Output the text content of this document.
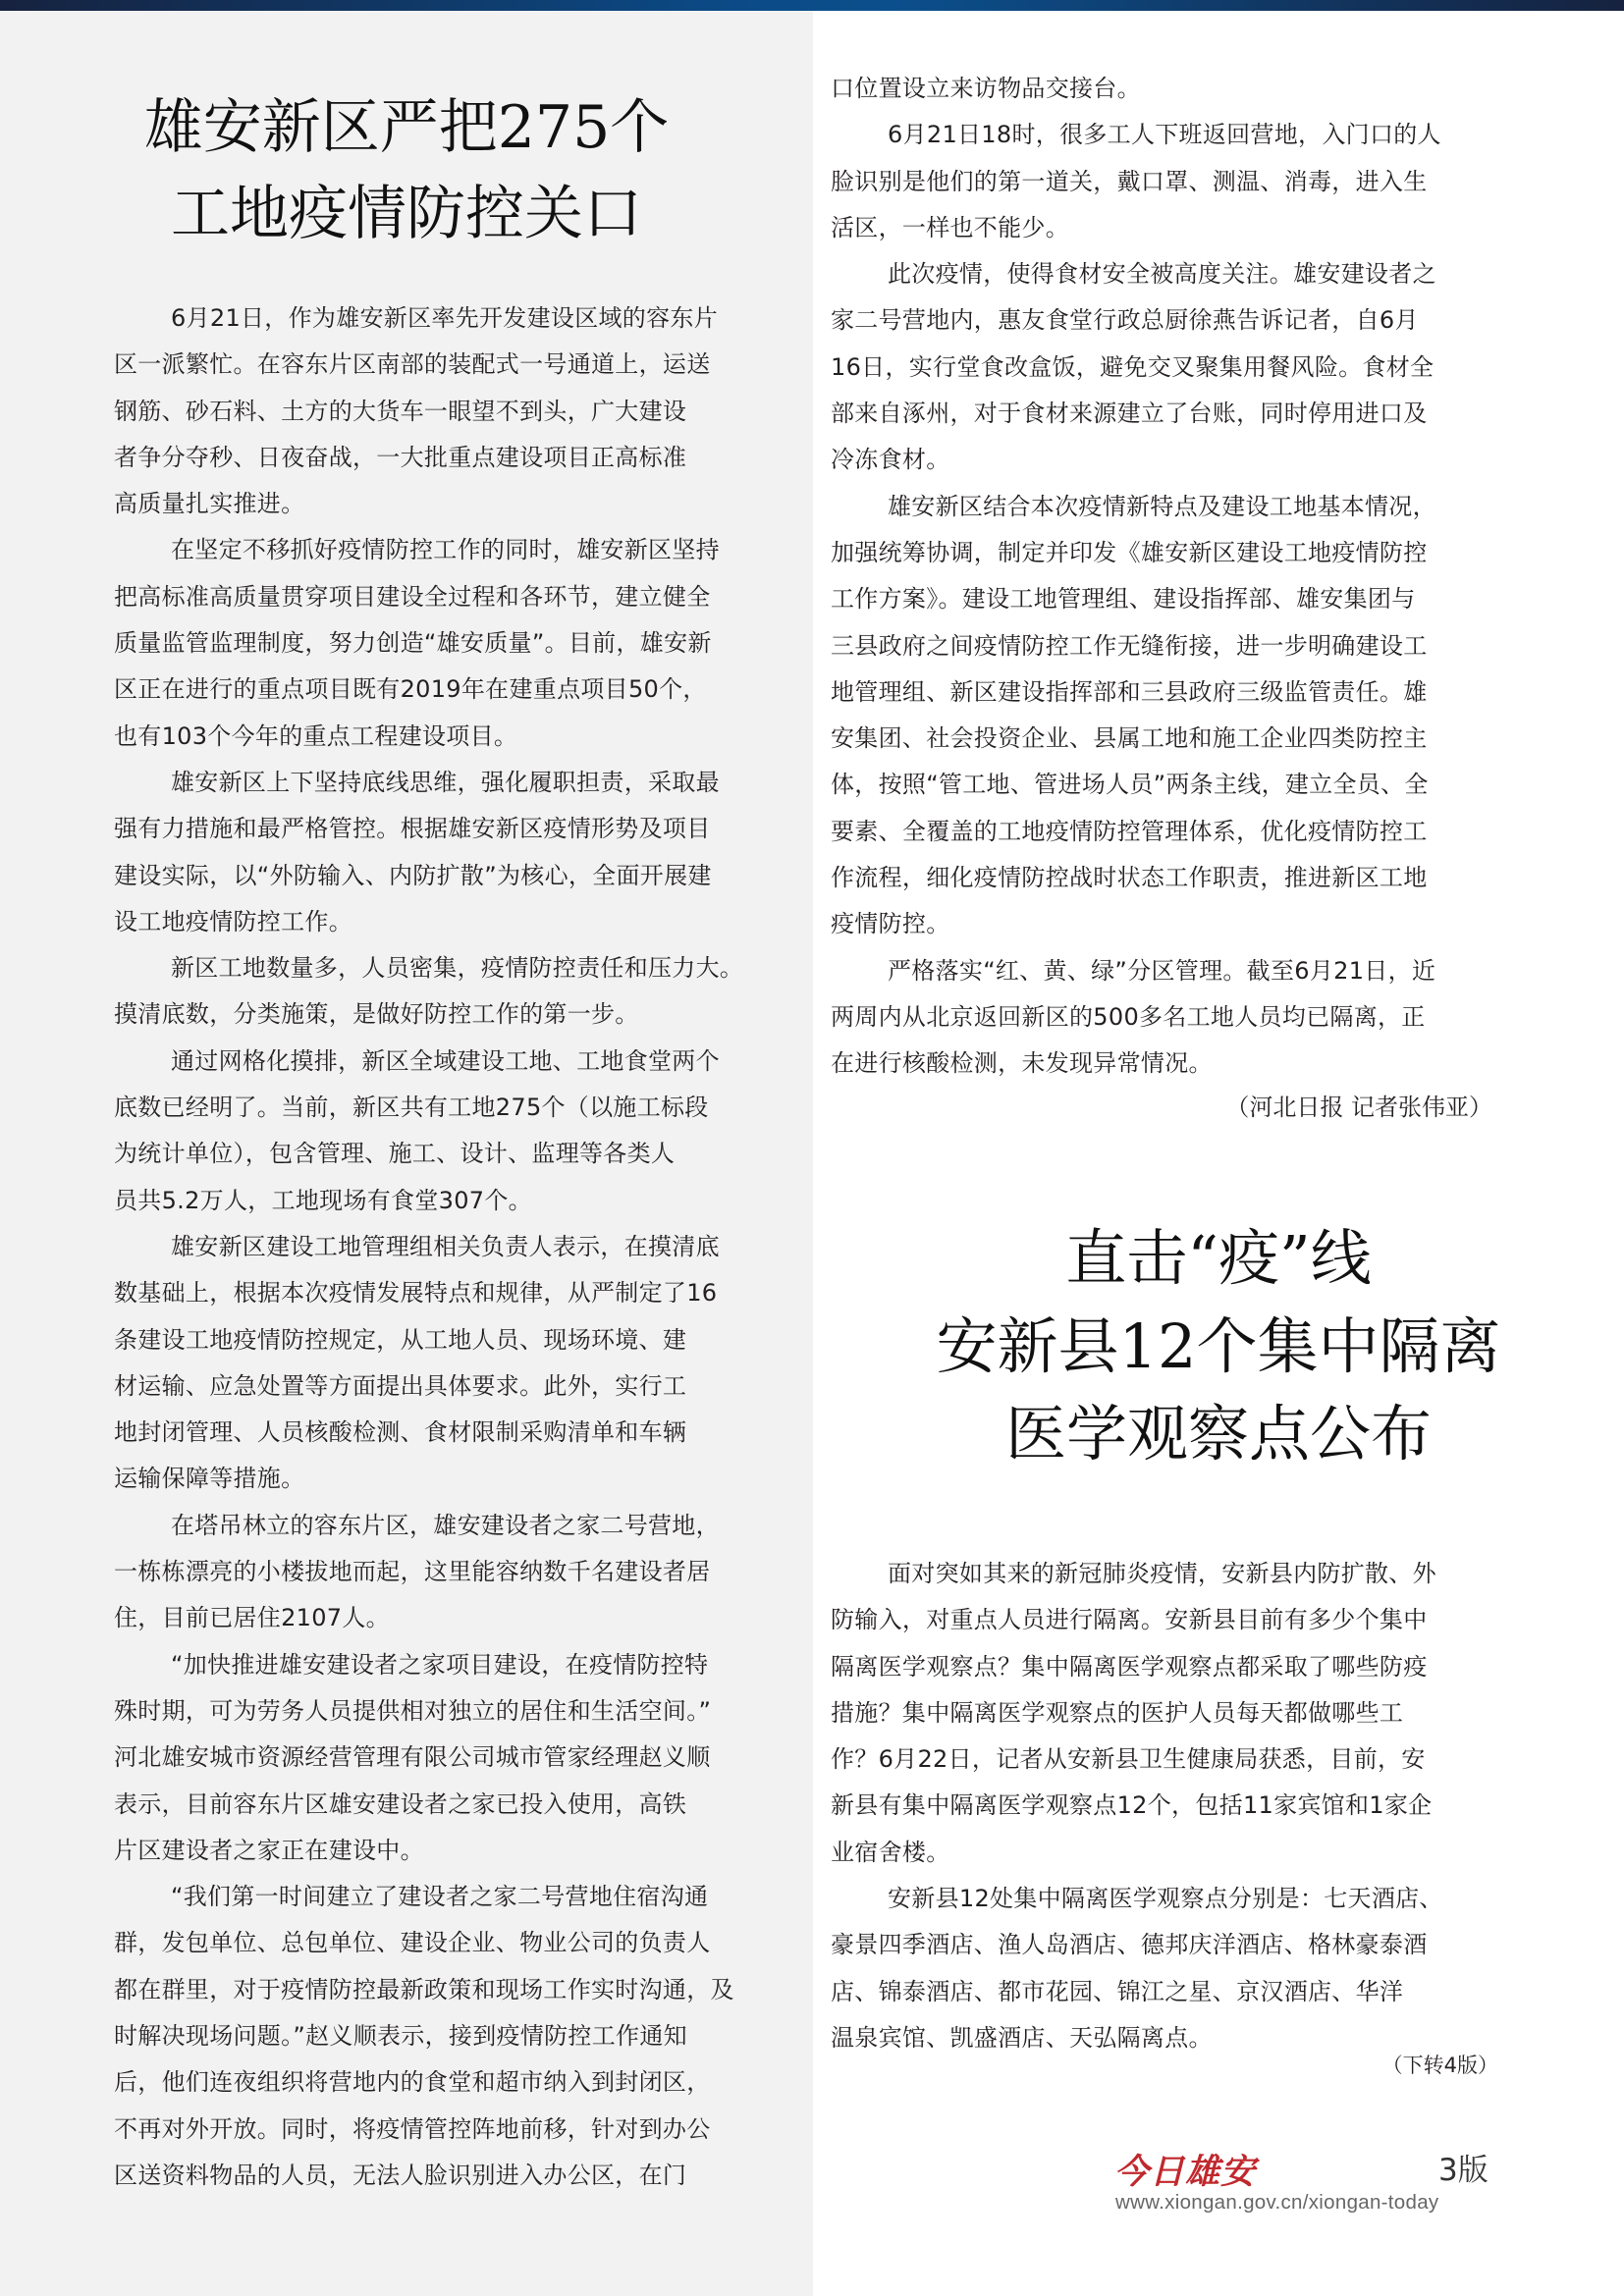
雄安新区严把275个
工地疫情防控关口
6月21日，作为雄安新区率先开发建设区域的容东片
区一派繁忙。在容东片区南部的装配式一号通道上，运送
钢筋、砂石料、土方的大货车一眼望不到头，广大建设
者争分夺秒、日夜奋战，一大批重点建设项目正高标准
高质量扎实推进。
在坚定不移抓好疫情防控工作的同时，雄安新区坚持
把高标准高质量贯穿项目建设全过程和各环节，建立健全
质量监管监理制度，努力创造“雄安质量”。目前，雄安新
区正在进行的重点项目既有2019年在建重点项目50个，
也有103个今年的重点工程建设项目。
雄安新区上下坚持底线思维，强化履职担责，采取最
强有力措施和最严格管控。根据雄安新区疫情形势及项目
建设实际，以“外防输入、内防扩散”为核心，全面开展建
设工地疫情防控工作。
新区工地数量多，人员密集，疫情防控责任和压力大。
摸清底数，分类施策，是做好防控工作的第一步。
通过网格化摸排，新区全域建设工地、工地食堂两个
底数已经明了。当前，新区共有工地275个（以施工标段
为统计单位），包含管理、施工、设计、监理等各类人
员共5.2万人，工地现场有食堂307个。
雄安新区建设工地管理组相关负责人表示，在摸清底
数基础上，根据本次疫情发展特点和规律，从严制定了16
条建设工地疫情防控规定，从工地人员、现场环境、建
材运输、应急处置等方面提出具体要求。此外，实行工
地封闭管理、人员核酸检测、食材限制采购清单和车辆
运输保障等措施。
在塔吊林立的容东片区，雄安建设者之家二号营地，
一栋栋漂亮的小楼拔地而起，这里能容纳数千名建设者居
住，目前已居住2107人。
“加快推进雄安建设者之家项目建设，在疫情防控特
殊时期，可为劳务人员提供相对独立的居住和生活空间。”
河北雄安城市资源经营管理有限公司城市管家经理赵义顺
表示，目前容东片区雄安建设者之家已投入使用，高铁
片区建设者之家正在建设中。
“我们第一时间建立了建设者之家二号营地住宿沟通
群，发包单位、总包单位、建设企业、物业公司的负责人
都在群里，对于疫情防控最新政策和现场工作实时沟通，及
时解决现场问题。”赵义顺表示，接到疫情防控工作通知
后，他们连夜组织将营地内的食堂和超市纳入到封闭区，
不再对外开放。同时，将疫情管控阵地前移，针对到办公
区送资料物品的人员，无法人脸识别进入办公区，在门
口位置设立来访物品交接台。
6月21日18时，很多工人下班返回营地，入门口的人
脸识别是他们的第一道关，戴口罩、测温、消毒，进入生
活区，一样也不能少。
此次疫情，使得食材安全被高度关注。雄安建设者之
家二号营地内，惠友食堂行政总厨徐燕告诉记者，自6月
16日，实行堂食改盒饭，避免交叉聚集用餐风险。食材全
部来自涿州，对于食材来源建立了台账，同时停用进口及
冷冻食材。
雄安新区结合本次疫情新特点及建设工地基本情况，
加强统筹协调，制定并印发《雄安新区建设工地疫情防控
工作方案》。建设工地管理组、建设指挥部、雄安集团与
三县政府之间疫情防控工作无缝衔接，进一步明确建设工
地管理组、新区建设指挥部和三县政府三级监管责任。雄
安集团、社会投资企业、县属工地和施工企业四类防控主
体，按照“管工地、管进场人员”两条主线，建立全员、全
要素、全覆盖的工地疫情防控管理体系，优化疫情防控工
作流程，细化疫情防控战时状态工作职责，推进新区工地
疫情防控。
严格落实“红、黄、绿”分区管理。截至6月21日，近
两周内从北京返回新区的500多名工地人员均已隔离，正
在进行核酸检测，未发现异常情况。
（河北日报 记者张伟亚）
直击“疫”线
安新县12个集中隔离
医学观察点公布
面对突如其来的新冠肺炎疫情，安新县内防扩散、外
防输入，对重点人员进行隔离。安新县目前有多少个集中
隔离医学观察点？集中隔离医学观察点都采取了哪些防疫
措施？集中隔离医学观察点的医护人员每天都做哪些工
作？6月22日，记者从安新县卫生健康局获悉，目前，安
新县有集中隔离医学观察点12个，包括11家宾馆和1家企
业宿舍楼。
安新县12处集中隔离医学观察点分别是：七天酒店、
豪景四季酒店、渔人岛酒店、德邦庆洋酒店、格林豪泰酒
店、锦泰酒店、都市花园、锦江之星、京汉酒店、华洋
温泉宾馆、凯盛酒店、天弘隔离点。
（下转4版）
今日雄安	3版
www.xiongan.gov.cn/xiongan-today
